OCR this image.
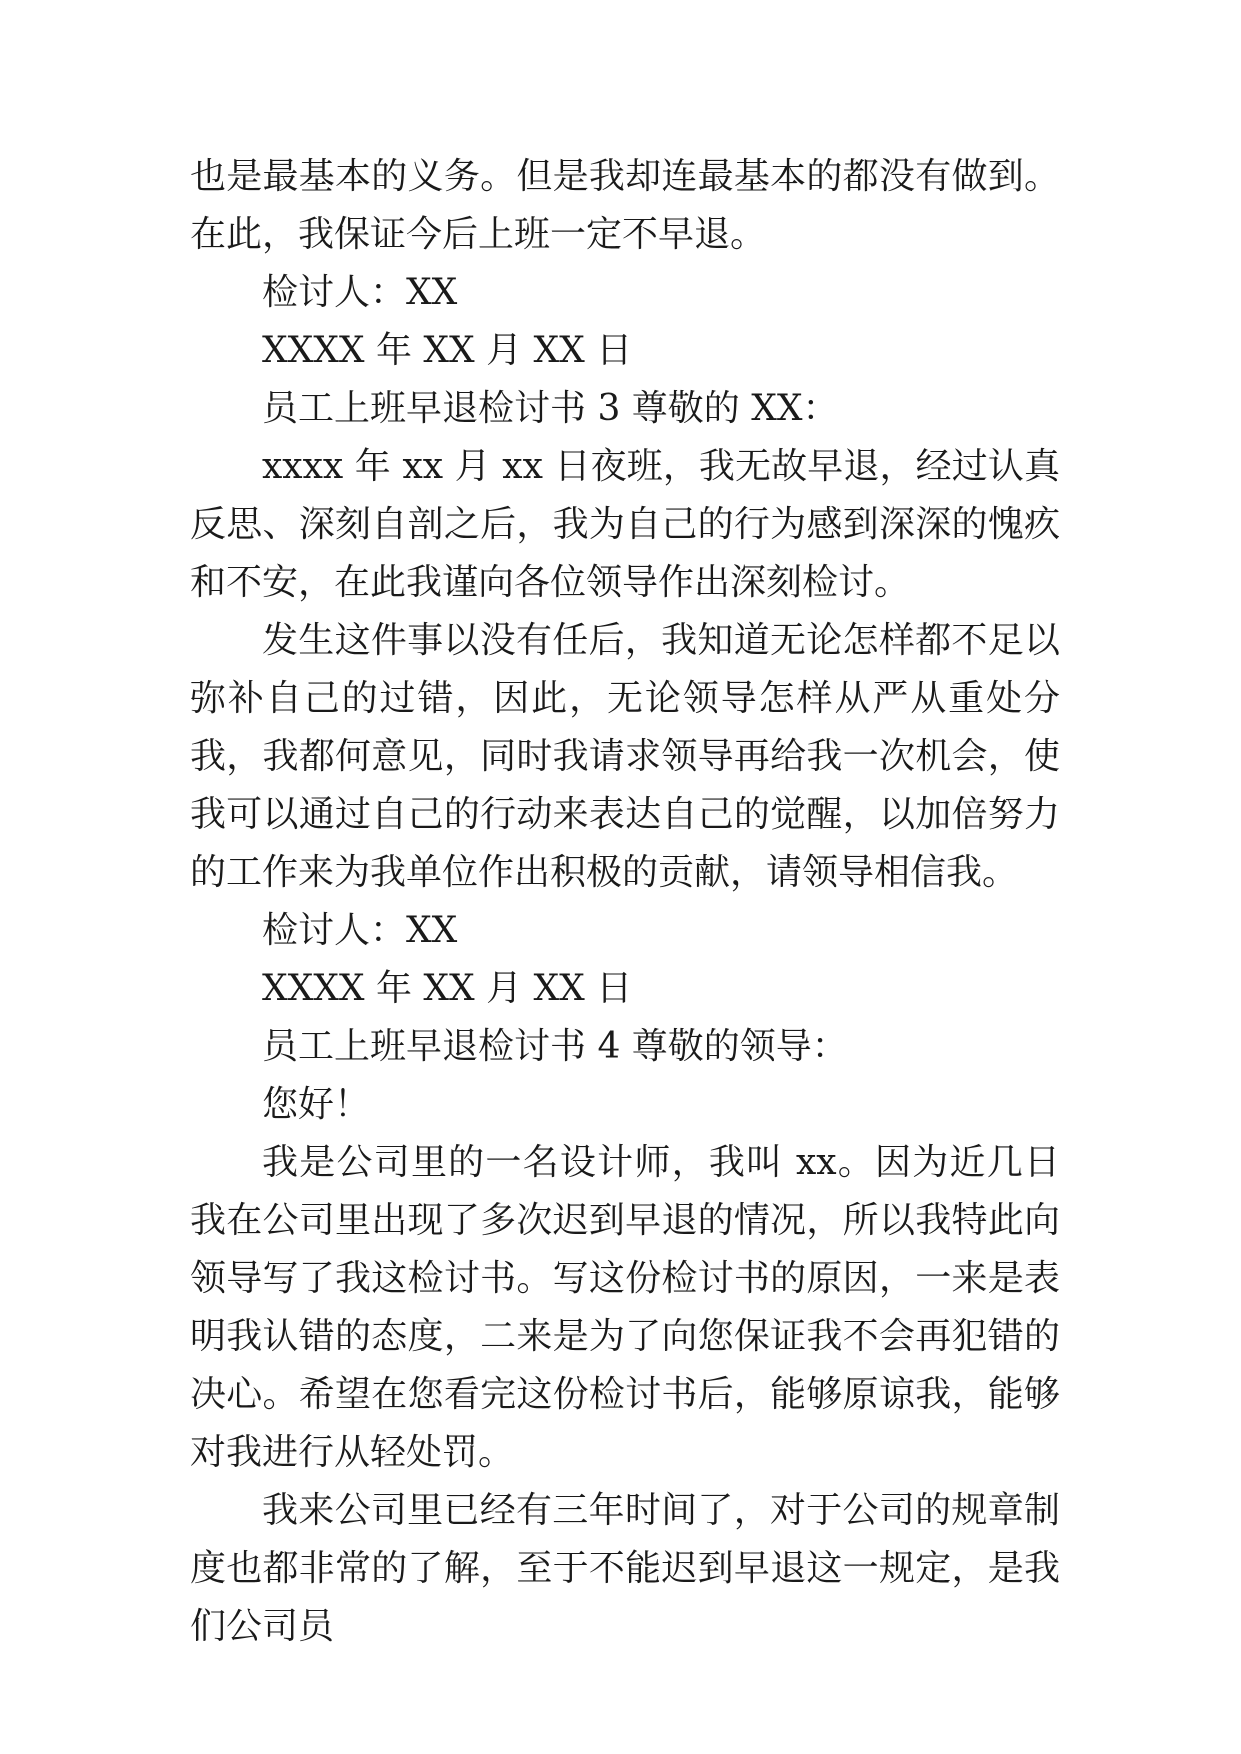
也是最基本的义务。但是我却连最基本的都没有做到。在此，我保证今后上班一定不早退。

检讨人：XX

XXXX 年 XX 月 XX 日

员工上班早退检讨书 3 尊敬的 XX：

xxxx 年 xx 月 xx 日夜班，我无故早退，经过认真反思、深刻自剖之后，我为自己的行为感到深深的愧疚和不安，在此我谨向各位领导作出深刻检讨。

发生这件事以没有任后，我知道无论怎样都不足以弥补自己的过错，因此，无论领导怎样从严从重处分我，我都何意见，同时我请求领导再给我一次机会，使我可以通过自己的行动来表达自己的觉醒，以加倍努力的工作来为我单位作出积极的贡献，请领导相信我。

检讨人：XX

XXXX 年 XX 月 XX 日

员工上班早退检讨书 4 尊敬的领导：

您好！

我是公司里的一名设计师，我叫 xx。因为近几日我在公司里出现了多次迟到早退的情况，所以我特此向领导写了我这检讨书。写这份检讨书的原因，一来是表明我认错的态度，二来是为了向您保证我不会再犯错的决心。希望在您看完这份检讨书后，能够原谅我，能够对我进行从轻处罚。

我来公司里已经有三年时间了，对于公司的规章制度也都非常的了解，至于不能迟到早退这一规定，是我们公司员
